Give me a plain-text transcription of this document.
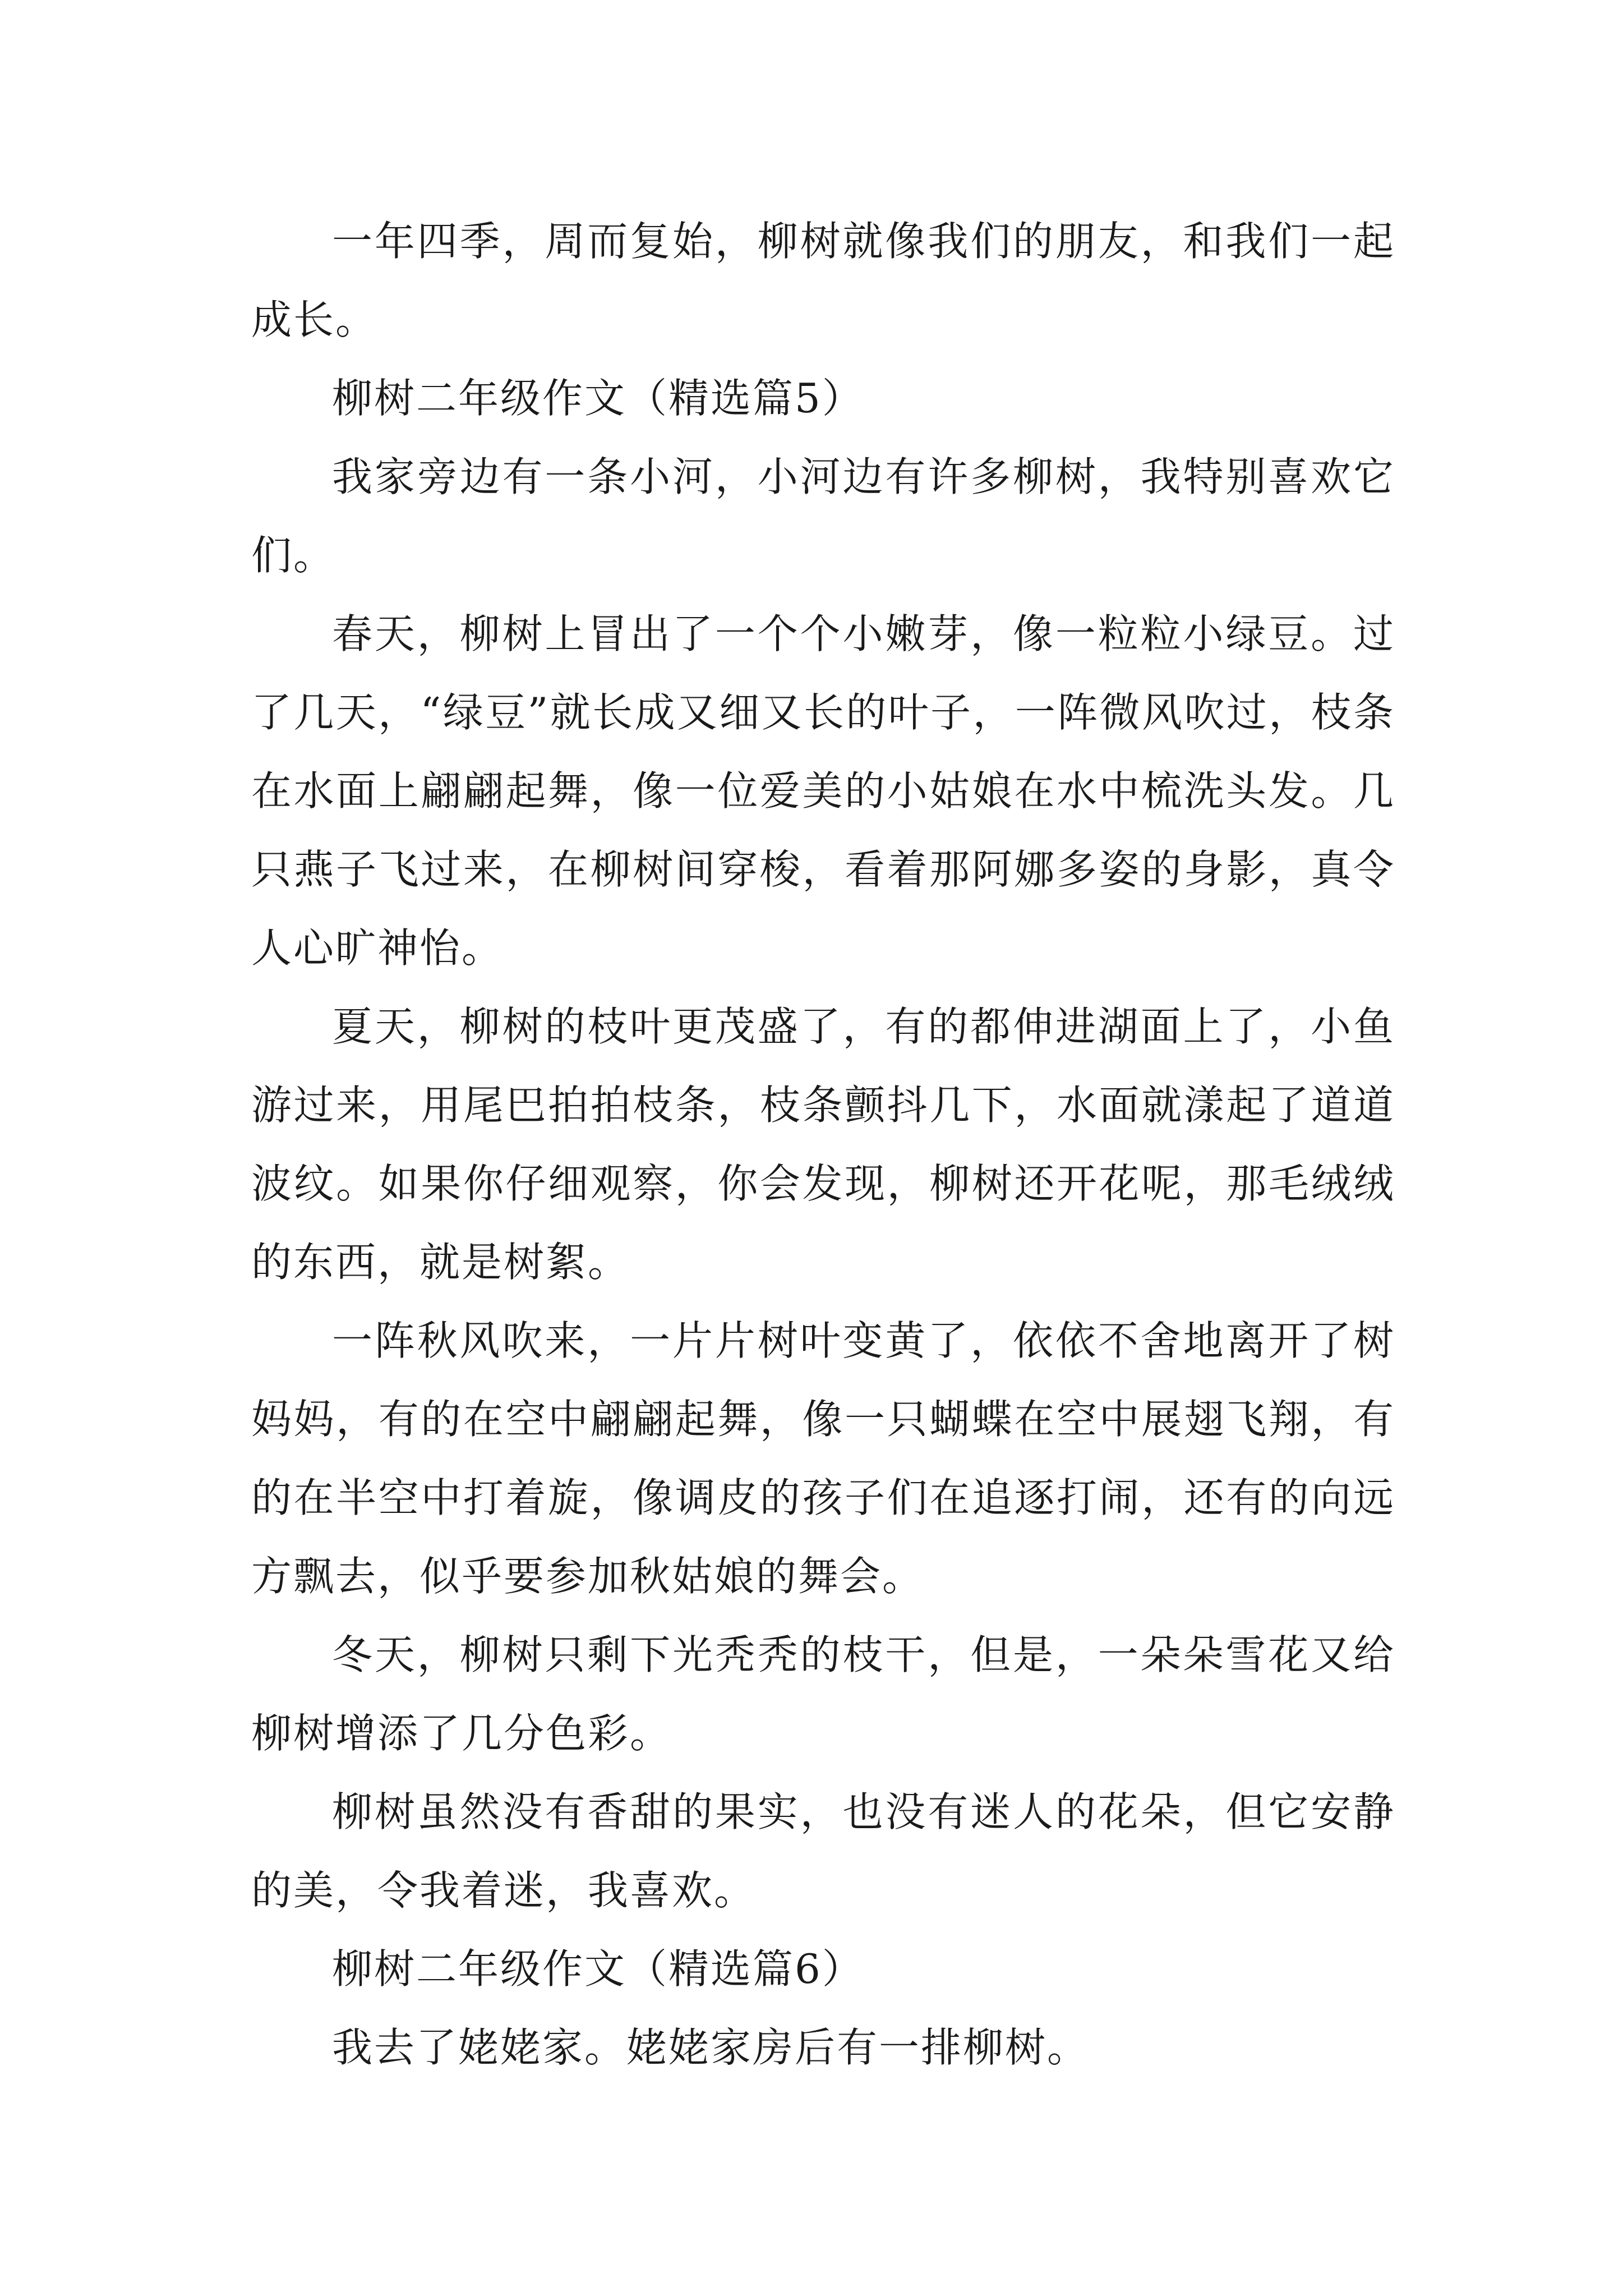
一年四季，周而复始，柳树就像我们的朋友，和我们一起成长。

柳树二年级作文（精选篇5）

我家旁边有一条小河，小河边有许多柳树，我特别喜欢它们。

春天，柳树上冒出了一个个小嫩芽，像一粒粒小绿豆。过了几天，“绿豆”就长成又细又长的叶子，一阵微风吹过，枝条在水面上翩翩起舞，像一位爱美的小姑娘在水中梳洗头发。几只燕子飞过来，在柳树间穿梭，看着那阿娜多姿的身影，真令人心旷神怡。

夏天，柳树的枝叶更茂盛了，有的都伸进湖面上了，小鱼游过来，用尾巴拍拍枝条，枝条颤抖几下，水面就漾起了道道波纹。如果你仔细观察，你会发现，柳树还开花呢，那毛绒绒的东西，就是树絮。

一阵秋风吹来，一片片树叶变黄了，依依不舍地离开了树妈妈，有的在空中翩翩起舞，像一只蝴蝶在空中展翅飞翔，有的在半空中打着旋，像调皮的孩子们在追逐打闹，还有的向远方飘去，似乎要参加秋姑娘的舞会。

冬天，柳树只剩下光秃秃的枝干，但是，一朵朵雪花又给柳树增添了几分色彩。

柳树虽然没有香甜的果实，也没有迷人的花朵，但它安静的美，令我着迷，我喜欢。

柳树二年级作文（精选篇6）

我去了姥姥家。姥姥家房后有一排柳树。
